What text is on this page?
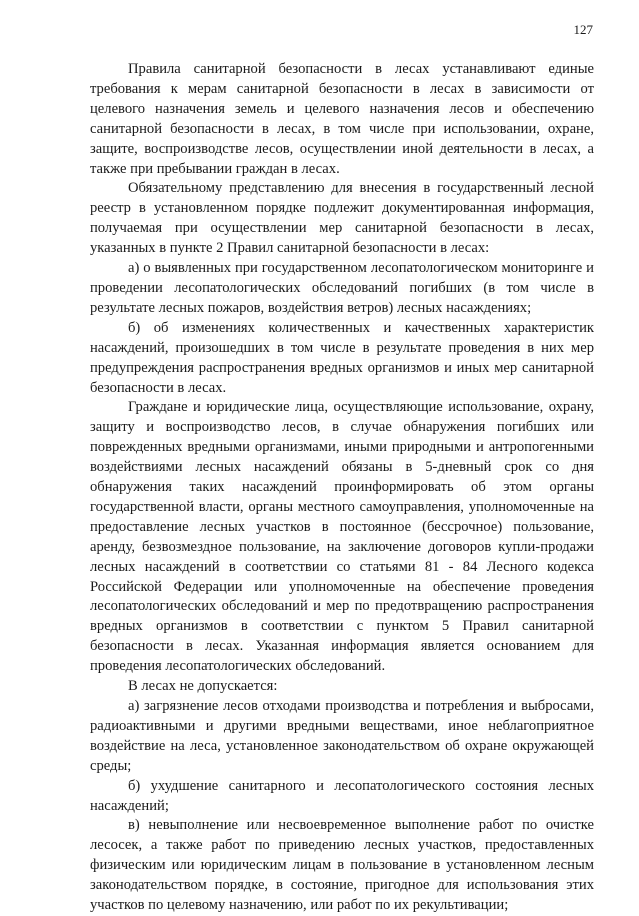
127

Правила санитарной безопасности в лесах устанавливают единые требования к мерам санитарной безопасности в лесах в зависимости от целевого назначения земель и целевого назначения лесов и обеспечению санитарной безопасности в лесах, в том числе при использовании, охране, защите, воспроизводстве лесов, осуществлении иной деятельности в лесах, а также при пребывании граждан в лесах.

Обязательному представлению для внесения в государственный лесной реестр в установленном порядке подлежит документированная информация, получаемая при осуществлении мер санитарной безопасности в лесах, указанных в пункте 2 Правил санитарной безопасности в лесах:

а) о выявленных при государственном лесопатологическом мониторинге и проведении лесопатологических обследований погибших (в том числе в результате лесных пожаров, воздействия ветров) лесных насаждениях;

б) об изменениях количественных и качественных характеристик насаждений, произошедших в том числе в результате проведения в них мер предупреждения распространения вредных организмов и иных мер санитарной безопасности в лесах.

Граждане и юридические лица, осуществляющие использование, охрану, защиту и воспроизводство лесов, в случае обнаружения погибших или поврежденных вредными организмами, иными природными и антропогенными воздействиями лесных насаждений обязаны в 5-дневный срок со дня обнаружения таких насаждений проинформировать об этом органы государственной власти, органы местного самоуправления, уполномоченные на предоставление лесных участков в постоянное (бессрочное) пользование, аренду, безвозмездное пользование, на заключение договоров купли-продажи лесных насаждений в соответствии со статьями 81 - 84 Лесного кодекса Российской Федерации или уполномоченные на обеспечение проведения лесопатологических обследований и мер по предотвращению распространения вредных организмов в соответствии с пунктом 5 Правил санитарной безопасности в лесах. Указанная информация является основанием для проведения лесопатологических обследований.

В лесах не допускается:

а) загрязнение лесов отходами производства и потребления и выбросами, радиоактивными и другими вредными веществами, иное неблагоприятное воздействие на леса, установленное законодательством об охране окружающей среды;

б) ухудшение санитарного и лесопатологического состояния лесных насаждений;

в) невыполнение или несвоевременное выполнение работ по очистке лесосек, а также работ по приведению лесных участков, предоставленных физическим или юридическим лицам в пользование в установленном лесным законодательством порядке, в состояние, пригодное для использования этих участков по целевому назначению, или работ по их рекультивации;
